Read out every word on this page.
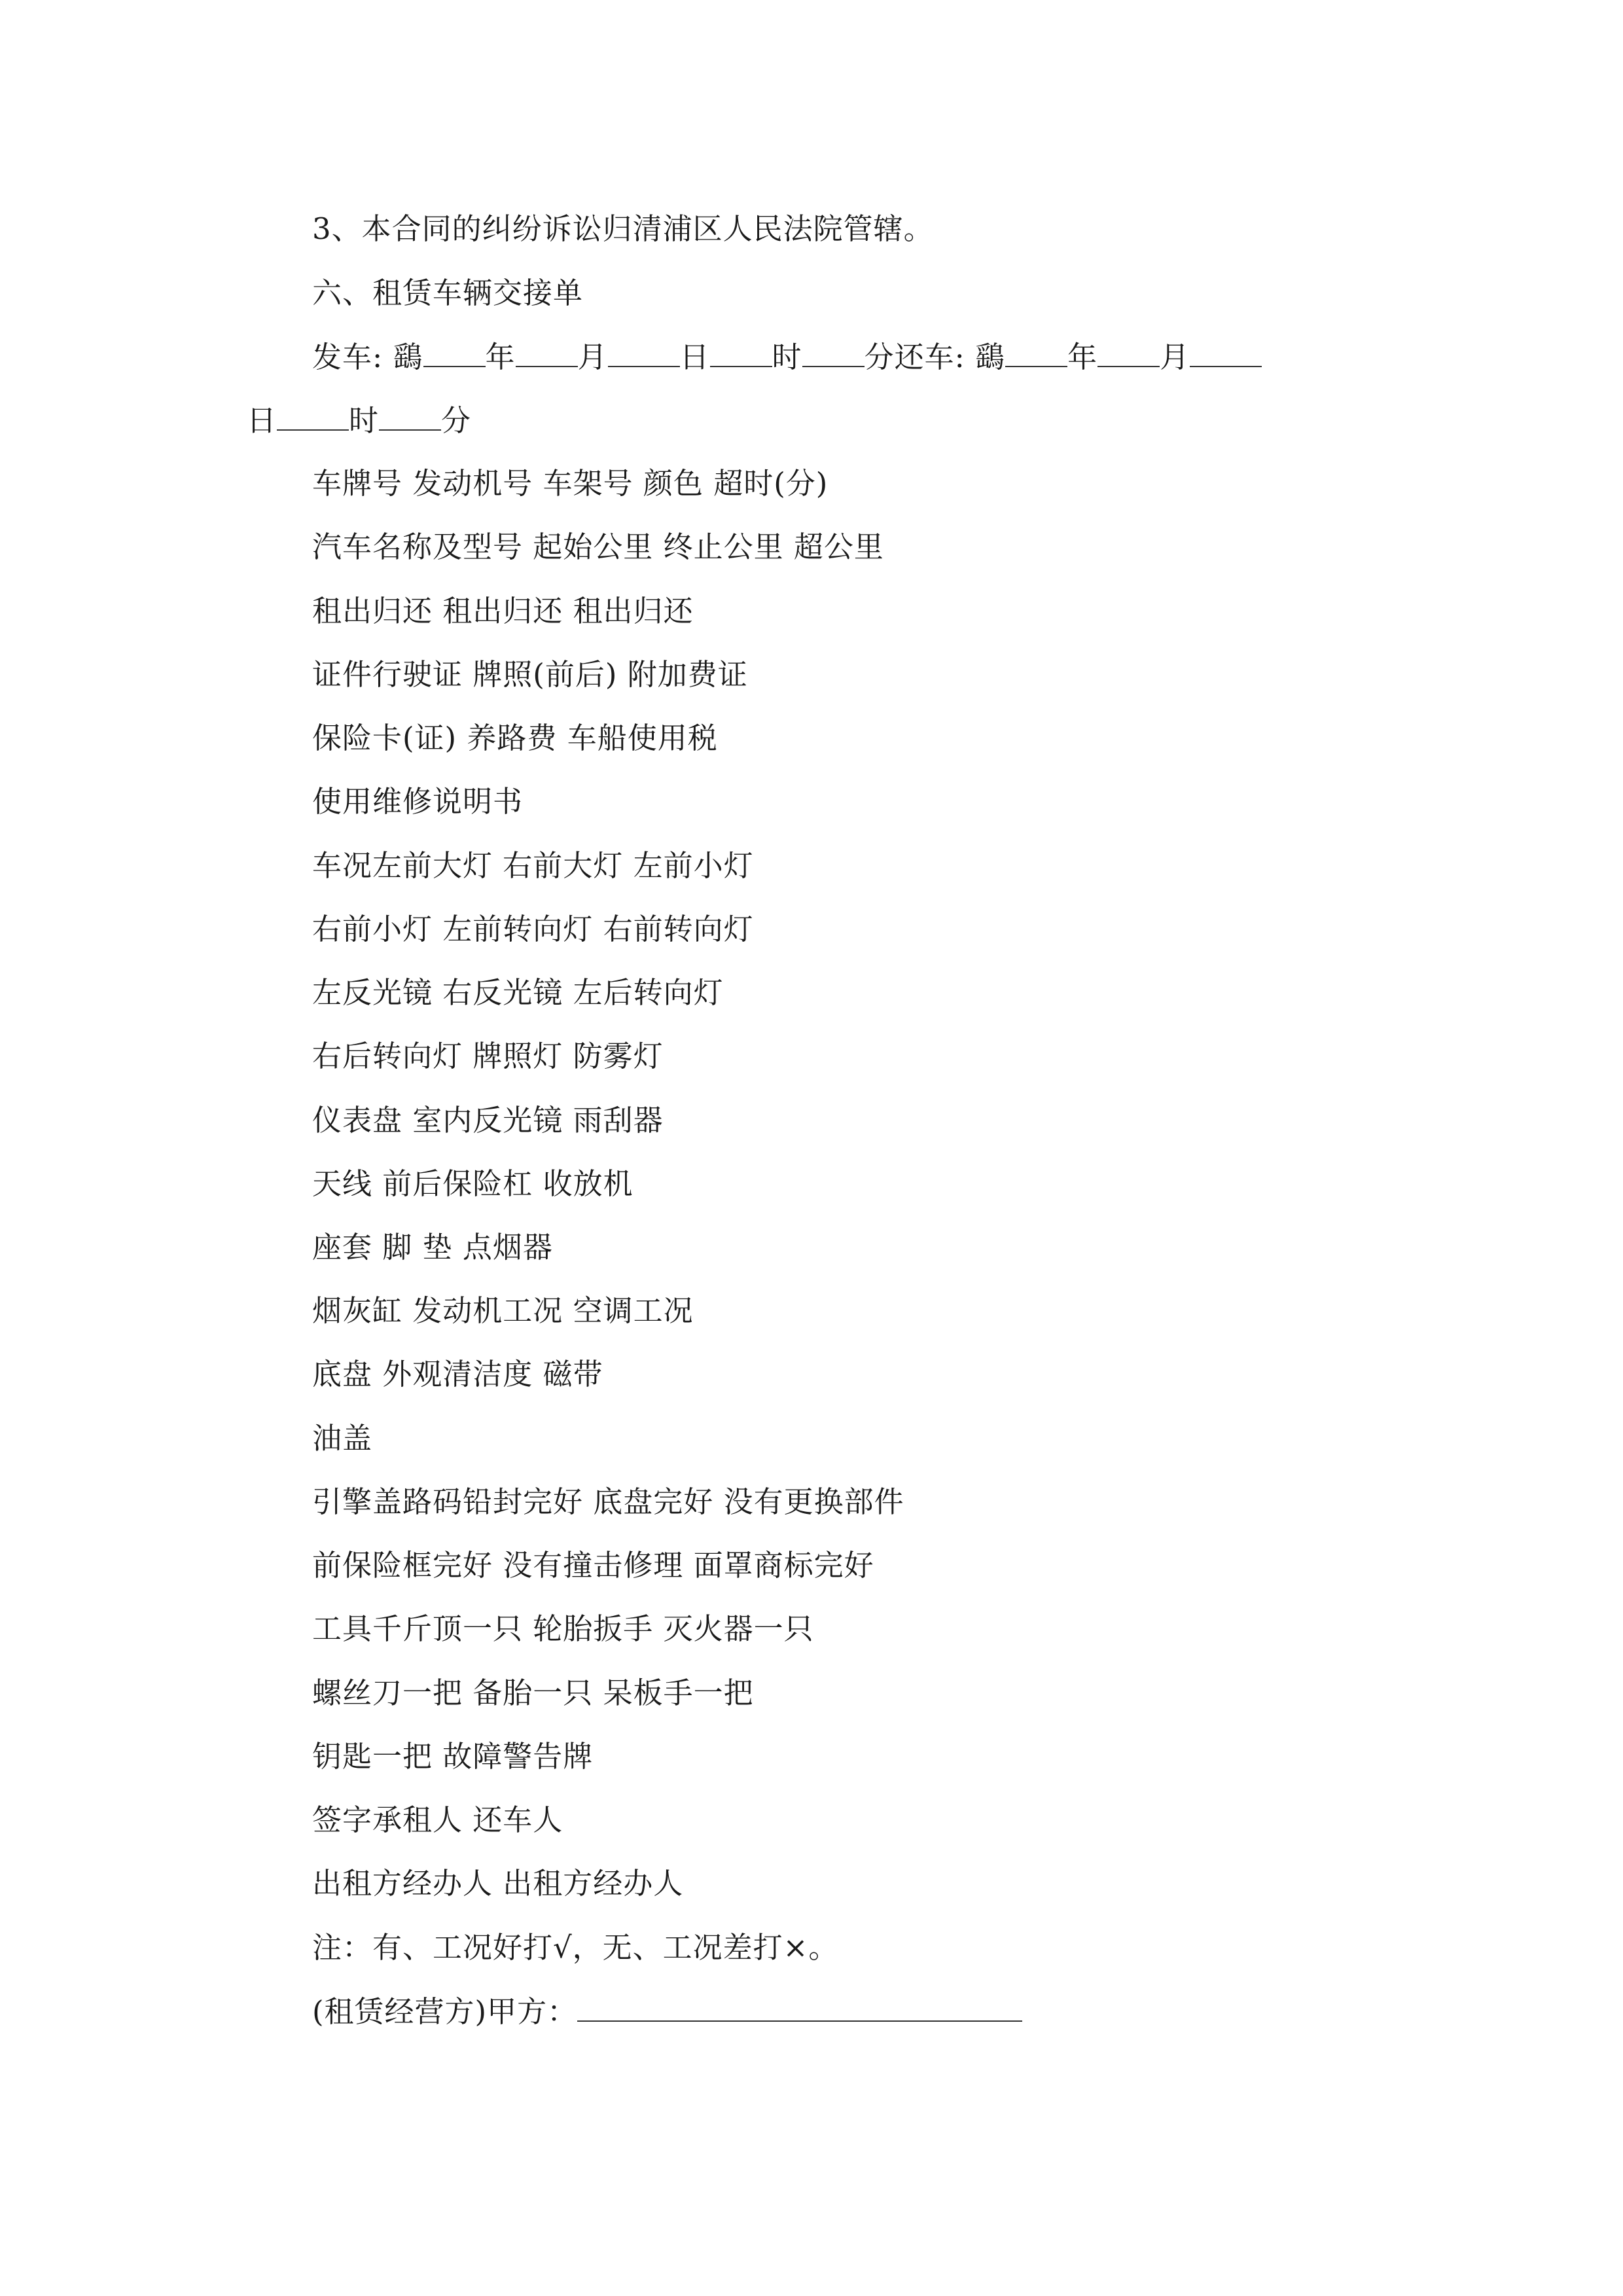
3、本合同的纠纷诉讼归清浦区人民法院管辖。
六、租赁车辆交接单
发车: 鷂 年 月 日 时 分还车: 鷂 年 月
日 时 分
车牌号 发动机号 车架号 颜色 超时(分)
汽车名称及型号 起始公里 终止公里 超公里
租出归还 租出归还 租出归还
证件行驶证 牌照(前后) 附加费证
保险卡(证) 养路费 车船使用税
使用维修说明书
车况左前大灯 右前大灯 左前小灯
右前小灯 左前转向灯 右前转向灯
左反光镜 右反光镜 左后转向灯
右后转向灯 牌照灯 防雾灯
仪表盘 室内反光镜 雨刮器
天线 前后保险杠 收放机
座套 脚 垫 点烟器
烟灰缸 发动机工况 空调工况
底盘 外观清洁度 磁带
油盖
引擎盖路码铅封完好 底盘完好 没有更换部件
前保险框完好 没有撞击修理 面罩商标完好
工具千斤顶一只 轮胎扳手 灭火器一只
螺丝刀一把 备胎一只 呆板手一把
钥匙一把 故障警告牌
签字承租人 还车人
出租方经办人 出租方经办人
注：有、工况好打√，无、工况差打×。
(租赁经营方)甲方：
